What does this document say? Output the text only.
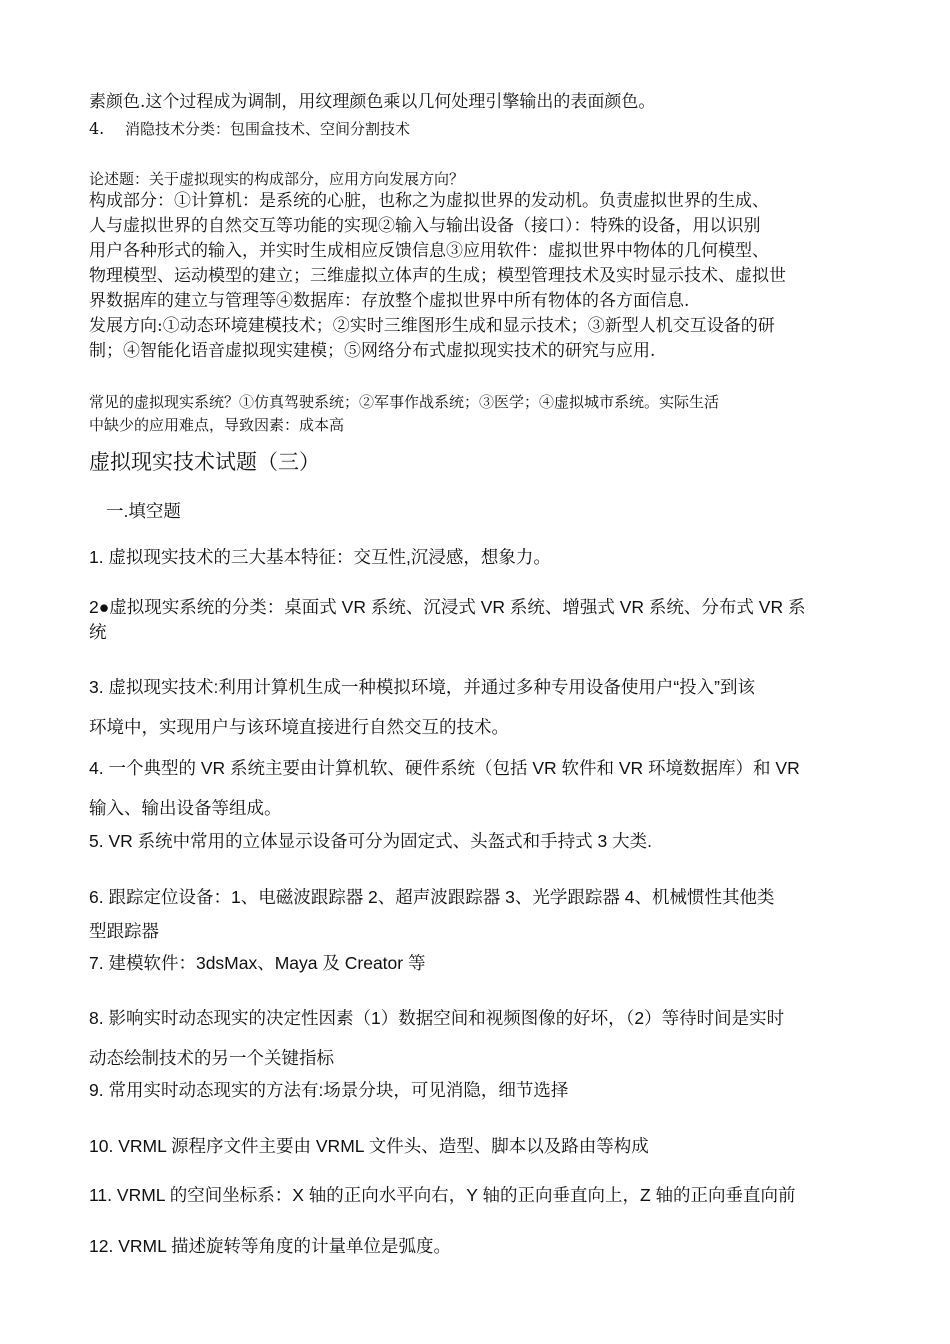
素颜色.这个过程成为调制，用纹理颜色乘以几何处理引擎输出的表面颜色。
4. 消隐技术分类：包围盒技术、空间分割技术
论述题：关于虚拟现实的构成部分，应用方向发展方向？
构成部分：①计算机：是系统的心脏，也称之为虚拟世界的发动机。负责虚拟世界的生成、
人与虚拟世界的自然交互等功能的实现②输入与输出设备（接口）：特殊的设备，用以识别
用户各种形式的输入，并实时生成相应反馈信息③应用软件：虚拟世界中物体的几何模型、
物理模型、运动模型的建立；三维虚拟立体声的生成；模型管理技术及实时显示技术、虚拟世
界数据库的建立与管理等④数据库：存放整个虚拟世界中所有物体的各方面信息.
发展方向:①动态环境建模技术；②实时三维图形生成和显示技术；③新型人机交互设备的研
制；④智能化语音虚拟现实建模；⑤网络分布式虚拟现实技术的研究与应用.
常见的虚拟现实系统？①仿真驾驶系统；②军事作战系统；③医学；④虚拟城市系统。实际生活
中缺少的应用难点，导致因素：成本高
虚拟现实技术试题（三）
一.填空题
1. 虚拟现实技术的三大基本特征：交互性,沉浸感，想象力。
2●虚拟现实系统的分类：桌面式 VR 系统、沉浸式 VR 系统、增强式 VR 系统、分布式 VR 系
统
3. 虚拟现实技术:利用计算机生成一种模拟环境，并通过多种专用设备使用户“投入”到该
环境中，实现用户与该环境直接进行自然交互的技术。
4. 一个典型的 VR 系统主要由计算机软、硬件系统（包括 VR 软件和 VR 环境数据库）和 VR
输入、输出设备等组成。
5. VR 系统中常用的立体显示设备可分为固定式、头盔式和手持式 3 大类.
6. 跟踪定位设备：1、电磁波跟踪器 2、超声波跟踪器 3、光学跟踪器 4、机械惯性其他类
型跟踪器
7. 建模软件：3dsMax、Maya 及 Creator 等
8. 影响实时动态现实的决定性因素（1）数据空间和视频图像的好坏，（2）等待时间是实时
动态绘制技术的另一个关键指标
9. 常用实时动态现实的方法有:场景分块，可见消隐，细节选择
10. VRML 源程序文件主要由 VRML 文件头、造型、脚本以及路由等构成
11. VRML 的空间坐标系：X 轴的正向水平向右，Y 轴的正向垂直向上，Z 轴的正向垂直向前
12. VRML 描述旋转等角度的计量单位是弧度。
